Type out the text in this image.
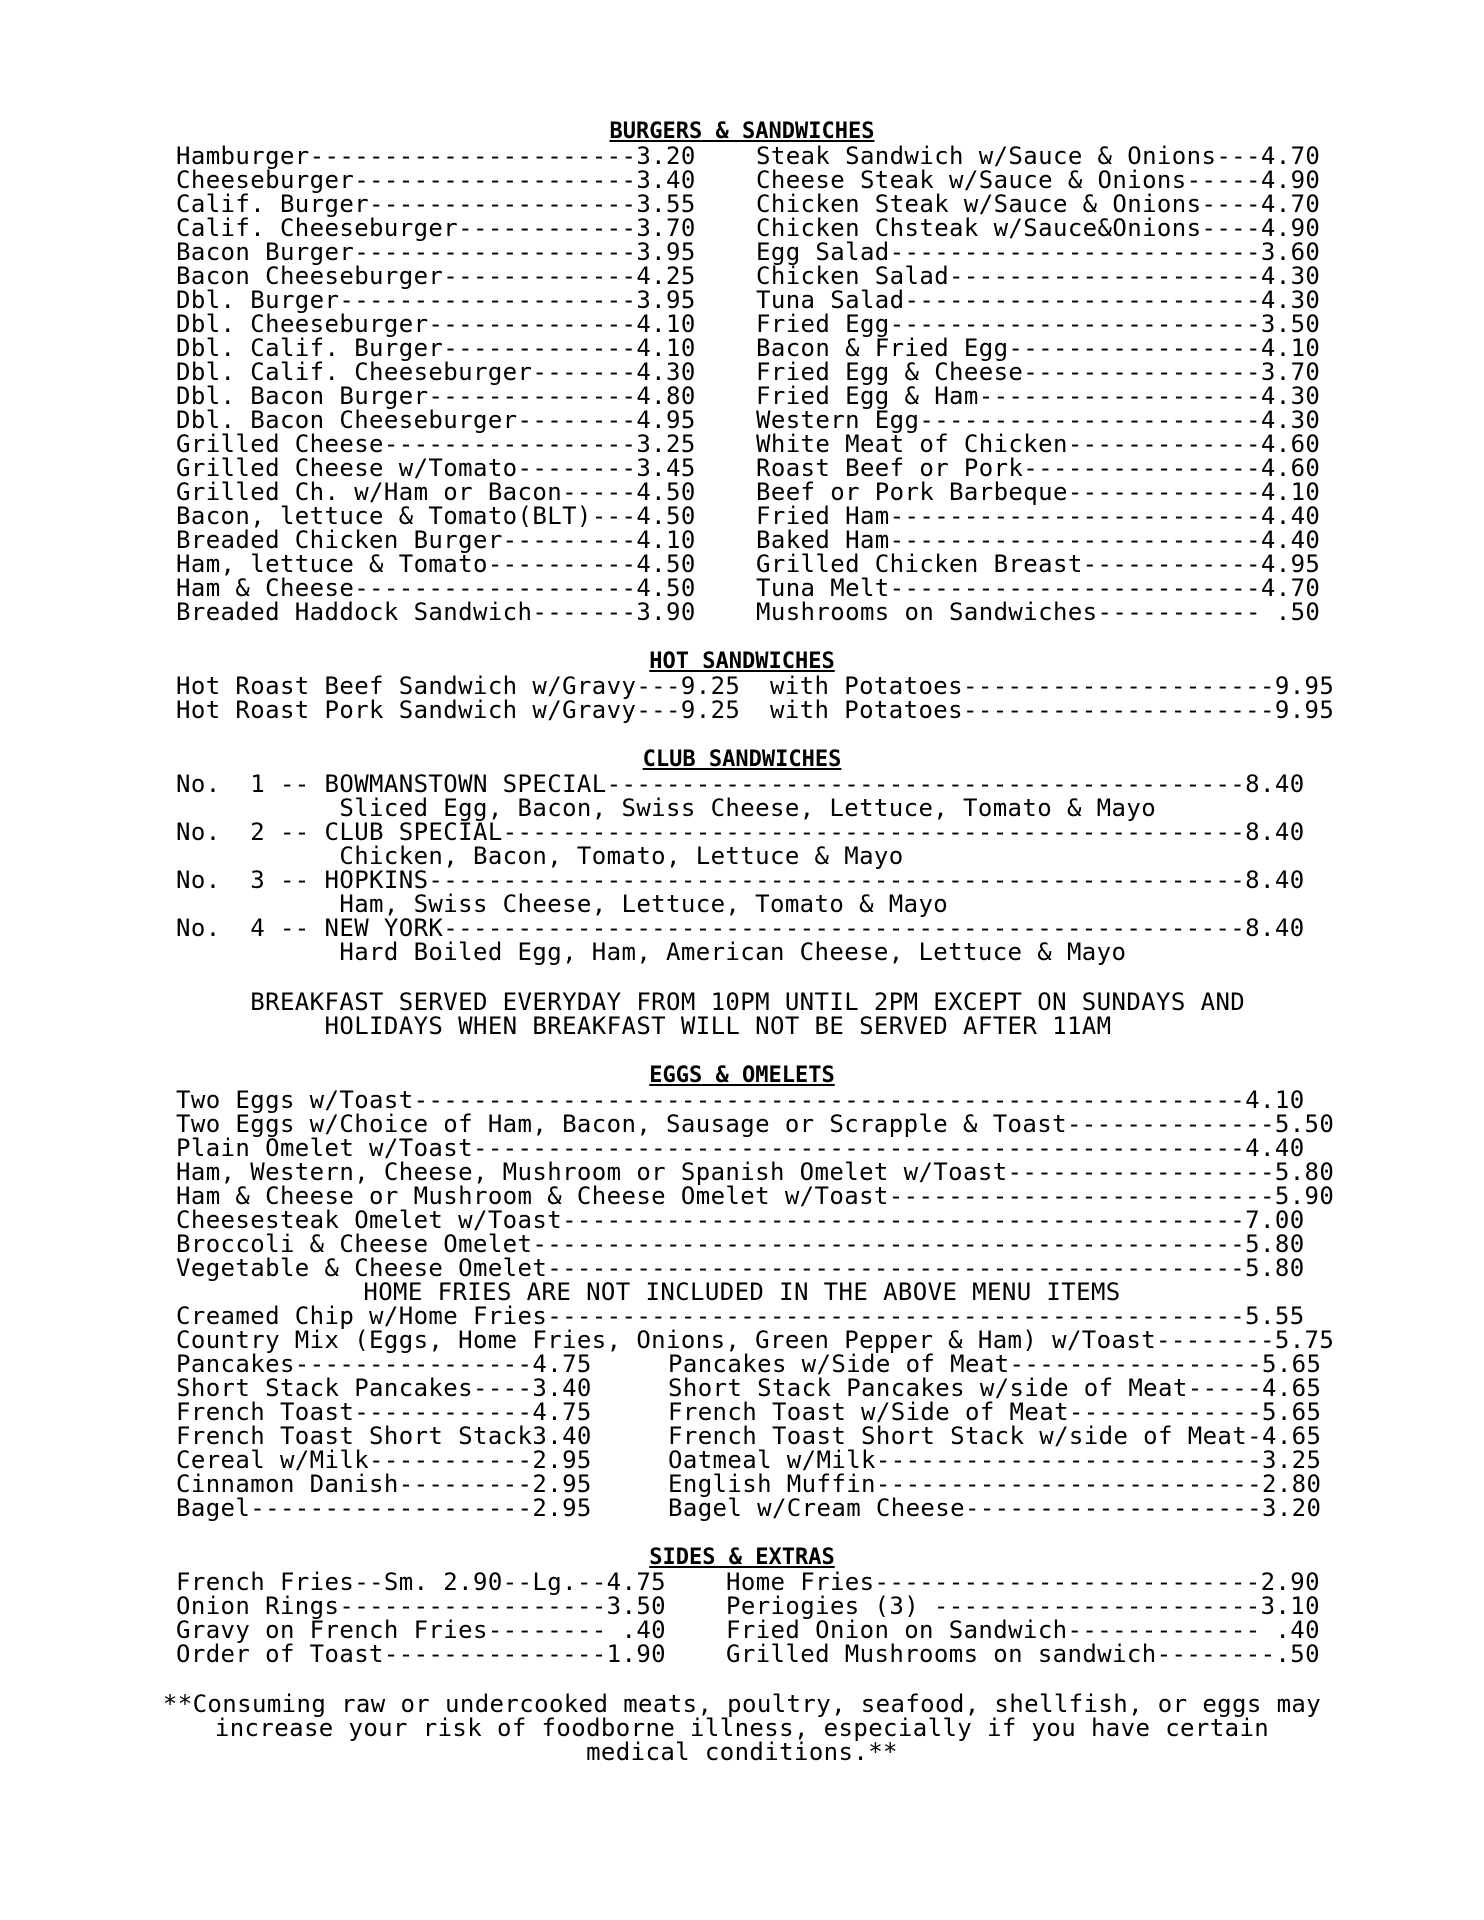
BURGERS & SANDWICHES
Hamburger----------------------3.20
Cheeseburger-------------------3.40
Calif. Burger------------------3.55
Calif. Cheeseburger------------3.70
Bacon Burger-------------------3.95
Bacon Cheeseburger-------------4.25
Dbl. Burger--------------------3.95
Dbl. Cheeseburger--------------4.10
Dbl. Calif. Burger-------------4.10
Dbl. Calif. Cheeseburger-------4.30
Dbl. Bacon Burger--------------4.80
Dbl. Bacon Cheeseburger--------4.95
Grilled Cheese-----------------3.25
Grilled Cheese w/Tomato--------3.45
Grilled Ch. w/Ham or Bacon-----4.50
Bacon, lettuce & Tomato(BLT)---4.50
Breaded Chicken Burger---------4.10
Ham, lettuce & Tomato----------4.50
Ham & Cheese-------------------4.50
Breaded Haddock Sandwich-------3.90
Steak Sandwich w/Sauce & Onions---4.70
Cheese Steak w/Sauce & Onions-----4.90
Chicken Steak w/Sauce & Onions----4.70
Chicken Chsteak w/Sauce&Onions----4.90
Egg Salad-------------------------3.60
Chicken Salad---------------------4.30
Tuna Salad------------------------4.30
Fried Egg-------------------------3.50
Bacon & Fried Egg-----------------4.10
Fried Egg & Cheese----------------3.70
Fried Egg & Ham-------------------4.30
Western Egg-----------------------4.30
White Meat of Chicken-------------4.60
Roast Beef or Pork----------------4.60
Beef or Pork Barbeque-------------4.10
Fried Ham-------------------------4.40
Baked Ham-------------------------4.40
Grilled Chicken Breast------------4.95
Tuna Melt-------------------------4.70
Mushrooms on Sandwiches----------- .50
HOT SANDWICHES
Hot Roast Beef Sandwich w/Gravy---9.25  with Potatoes---------------------9.95
Hot Roast Pork Sandwich w/Gravy---9.25  with Potatoes---------------------9.95
CLUB SANDWICHES
No.  1 -- BOWMANSTOWN SPECIAL-------------------------------------------8.40
Sliced Egg, Bacon, Swiss Cheese, Lettuce, Tomato & Mayo
No.  2 -- CLUB SPECIAL--------------------------------------------------8.40
Chicken, Bacon, Tomato, Lettuce & Mayo
No.  3 -- HOPKINS-------------------------------------------------------8.40
Ham, Swiss Cheese, Lettuce, Tomato & Mayo
No.  4 -- NEW YORK------------------------------------------------------8.40
Hard Boiled Egg, Ham, American Cheese, Lettuce & Mayo
BREAKFAST SERVED EVERYDAY FROM 10PM UNTIL 2PM EXCEPT ON SUNDAYS AND
HOLIDAYS WHEN BREAKFAST WILL NOT BE SERVED AFTER 11AM
EGGS & OMELETS
Two Eggs w/Toast--------------------------------------------------------4.10
Two Eggs w/Choice of Ham, Bacon, Sausage or Scrapple & Toast--------------5.50
Plain Omelet w/Toast----------------------------------------------------4.40
Ham, Western, Cheese, Mushroom or Spanish Omelet w/Toast------------------5.80
Ham & Cheese or Mushroom & Cheese Omelet w/Toast--------------------------5.90
Cheesesteak Omelet w/Toast----------------------------------------------7.00
Broccoli & Cheese Omelet------------------------------------------------5.80
Vegetable & Cheese Omelet-----------------------------------------------5.80
HOME FRIES ARE NOT INCLUDED IN THE ABOVE MENU ITEMS
Creamed Chip w/Home Fries-----------------------------------------------5.55
Country Mix (Eggs, Home Fries, Onions, Green Pepper & Ham) w/Toast--------5.75
Pancakes----------------4.75
Short Stack Pancakes----3.40
French Toast------------4.75
French Toast Short Stack3.40
Cereal w/Milk-----------2.95
Cinnamon Danish---------2.95
Bagel-------------------2.95
Pancakes w/Side of Meat-----------------5.65
Short Stack Pancakes w/side of Meat-----4.65
French Toast w/Side of Meat-------------5.65
French Toast Short Stack w/side of Meat-4.65
Oatmeal w/Milk--------------------------3.25
English Muffin--------------------------2.80
Bagel w/Cream Cheese--------------------3.20
SIDES & EXTRAS
French Fries--Sm. 2.90--Lg.--4.75
Onion Rings------------------3.50
Gravy on French Fries-------- .40
Order of Toast---------------1.90
Home Fries--------------------------2.90
Periogies (3) ----------------------3.10
Fried Onion on Sandwich------------- .40
Grilled Mushrooms on sandwich--------.50
**Consuming raw or undercooked meats, poultry, seafood, shellfish, or eggs may
increase your risk of foodborne illness, especially if you have certain
medical conditions.**
